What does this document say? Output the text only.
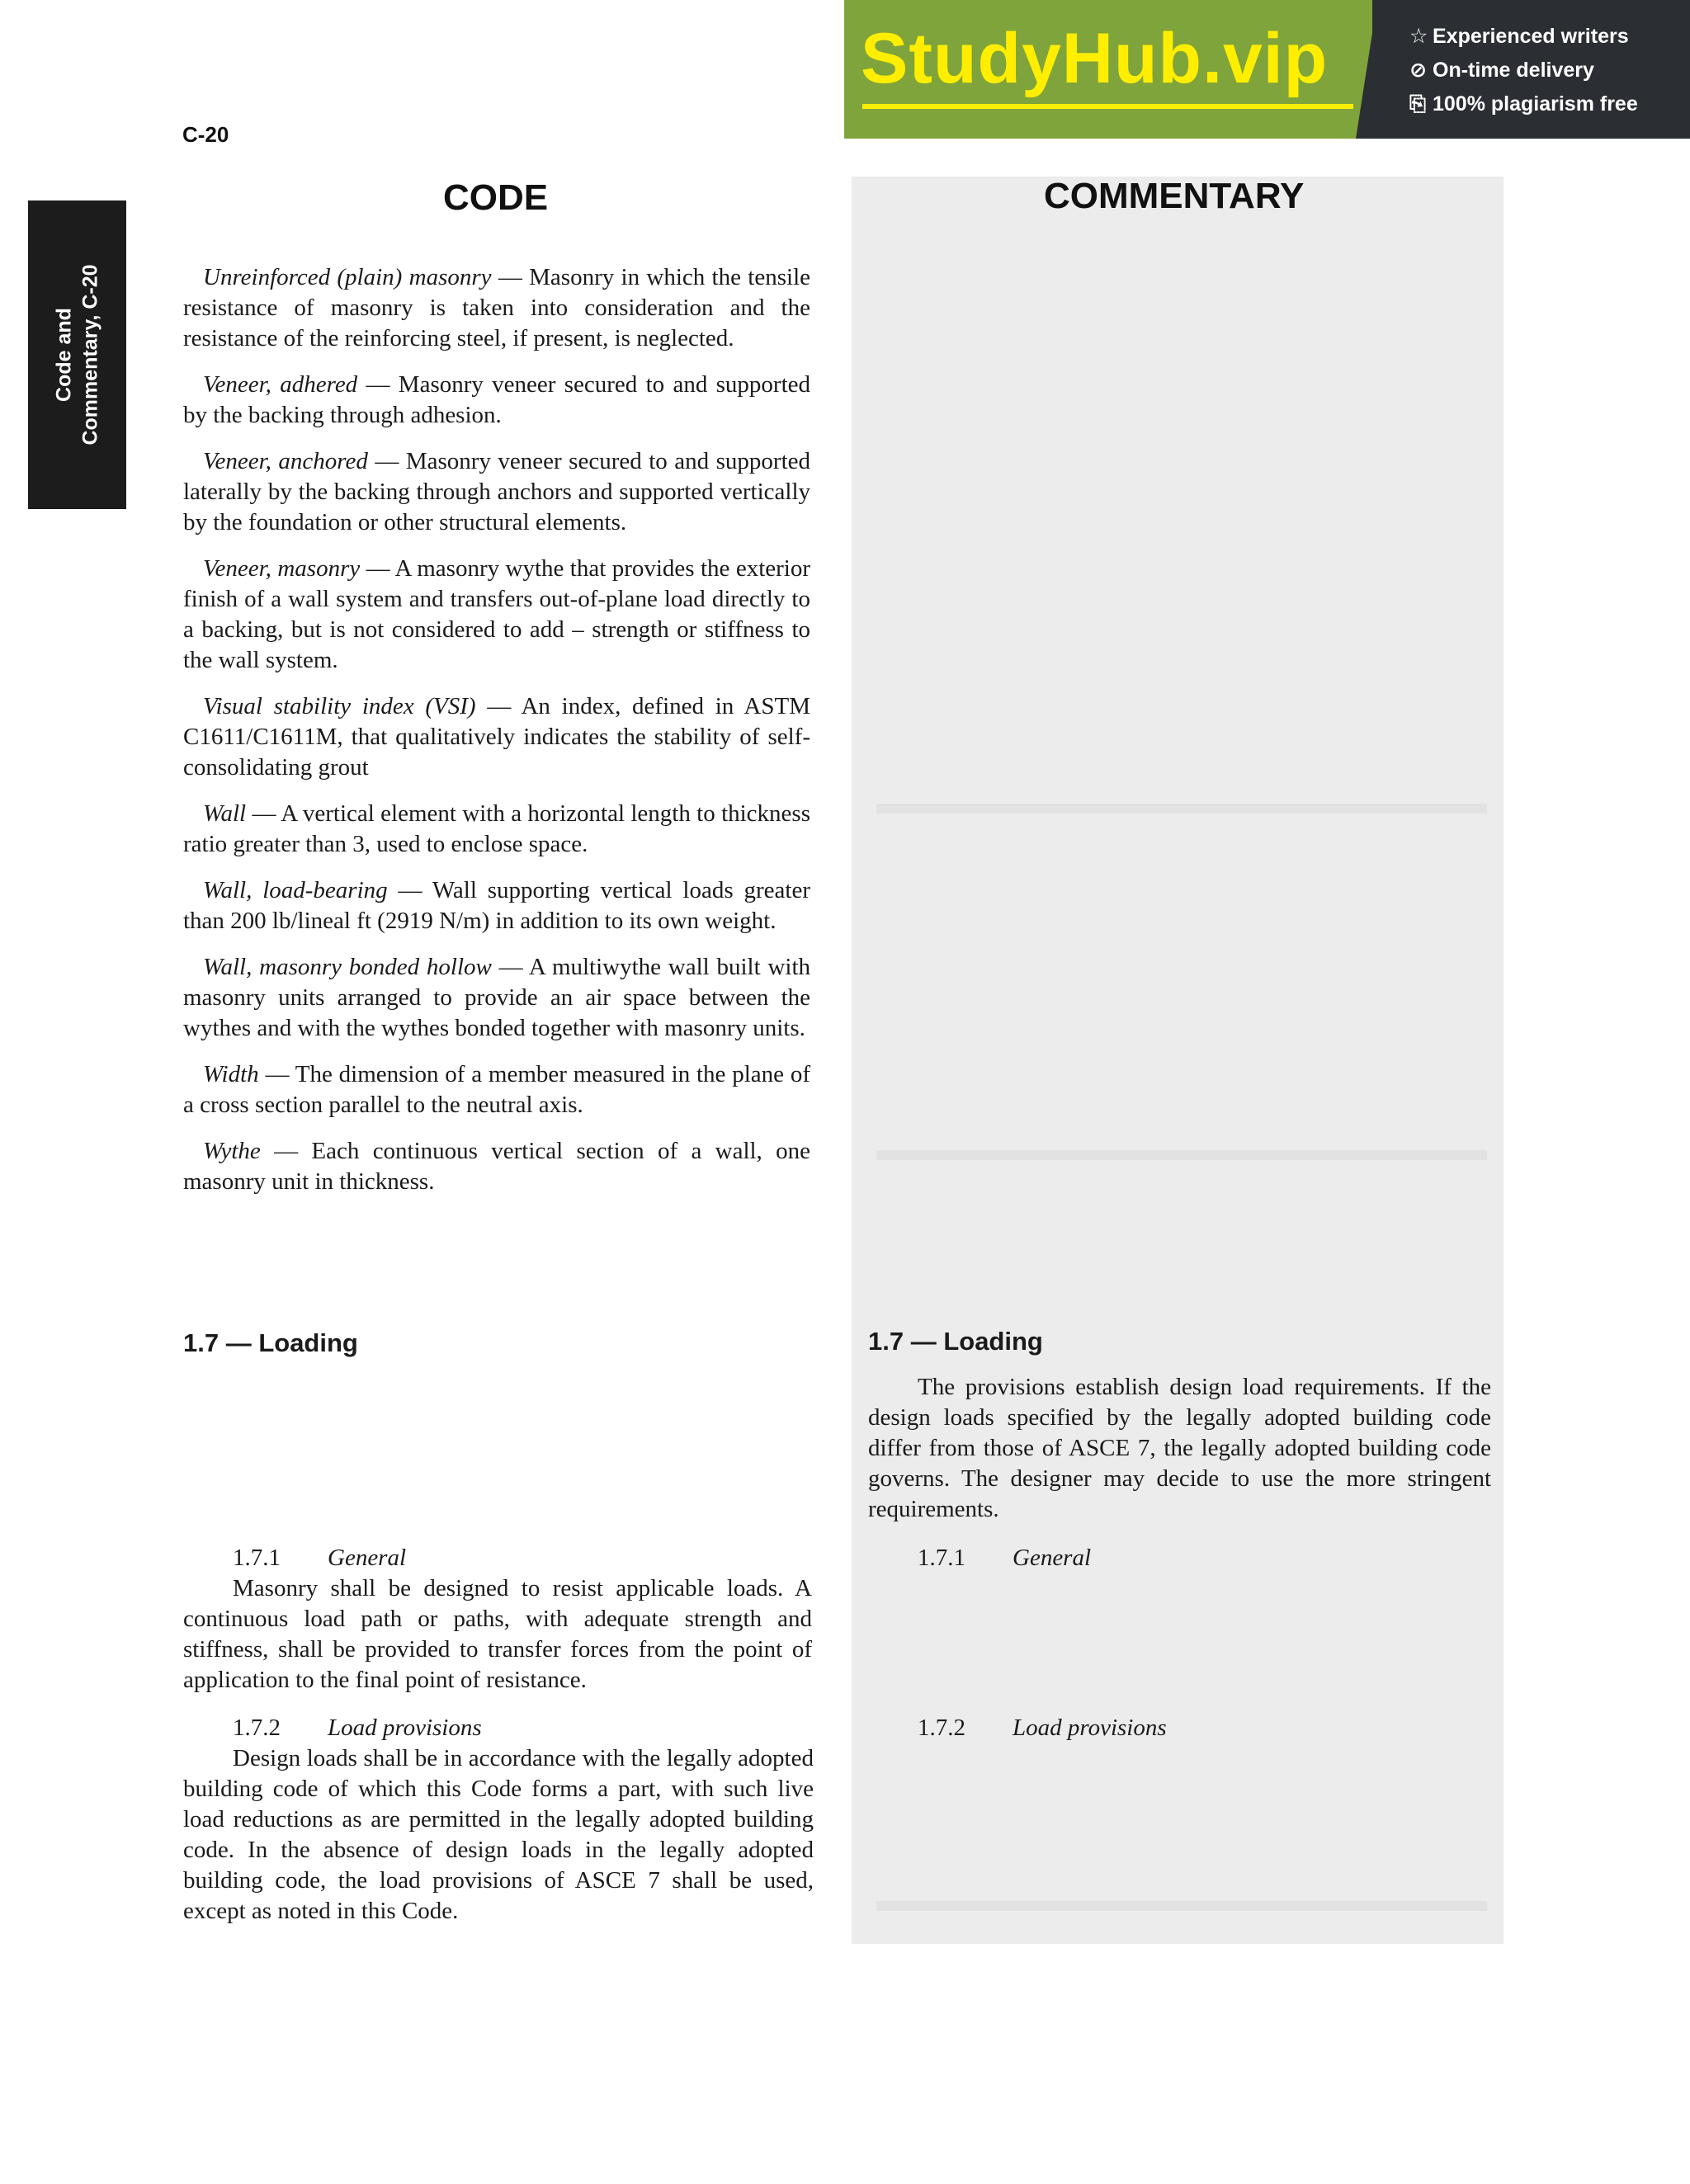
C-20
Code and Commentary, C-20
StudyHub.vip	☆ Experienced writers
⊘ On-time delivery
⎘ 100% plagiarism free
CODE	COMMENTARY

Unreinforced (plain) masonry — Masonry in which the tensile resistance of masonry is taken into consideration and the resistance of the reinforcing steel, if present, is neglected.

Veneer, adhered — Masonry veneer secured to and supported by the backing through adhesion.

Veneer, anchored — Masonry veneer secured to and supported laterally by the backing through anchors and supported vertically by the foundation or other structural elements.

Veneer, masonry — A masonry wythe that provides the exterior finish of a wall system and transfers out-of-plane load directly to a backing, but is not considered to add – strength or stiffness to the wall system.

Visual stability index (VSI) — An index, defined in ASTM C1611/C1611M, that qualitatively indicates the stability of self-consolidating grout

Wall — A vertical element with a horizontal length to thickness ratio greater than 3, used to enclose space.

Wall, load-bearing — Wall supporting vertical loads greater than 200 lb/lineal ft (2919 N/m) in addition to its own weight.

Wall, masonry bonded hollow — A multiwythe wall built with masonry units arranged to provide an air space between the wythes and with the wythes bonded together with masonry units.

Width — The dimension of a member measured in the plane of a cross section parallel to the neutral axis.

Wythe — Each continuous vertical section of a wall, one masonry unit in thickness.

1.7 — Loading

1.7.1 General

Masonry shall be designed to resist applicable loads. A continuous load path or paths, with adequate strength and stiffness, shall be provided to transfer forces from the point of application to the final point of resistance.

1.7.2 Load provisions

Design loads shall be in accordance with the legally adopted building code of which this Code forms a part, with such live load reductions as are permitted in the legally adopted building code. In the absence of design loads in the legally adopted building code, the load provisions of ASCE 7 shall be used, except as noted in this Code.

1.7 — Loading

The provisions establish design load requirements. If the design loads specified by the legally adopted building code differ from those of ASCE 7, the legally adopted building code governs. The designer may decide to use the more stringent requirements.

1.7.1 General

1.7.2 Load provisions
